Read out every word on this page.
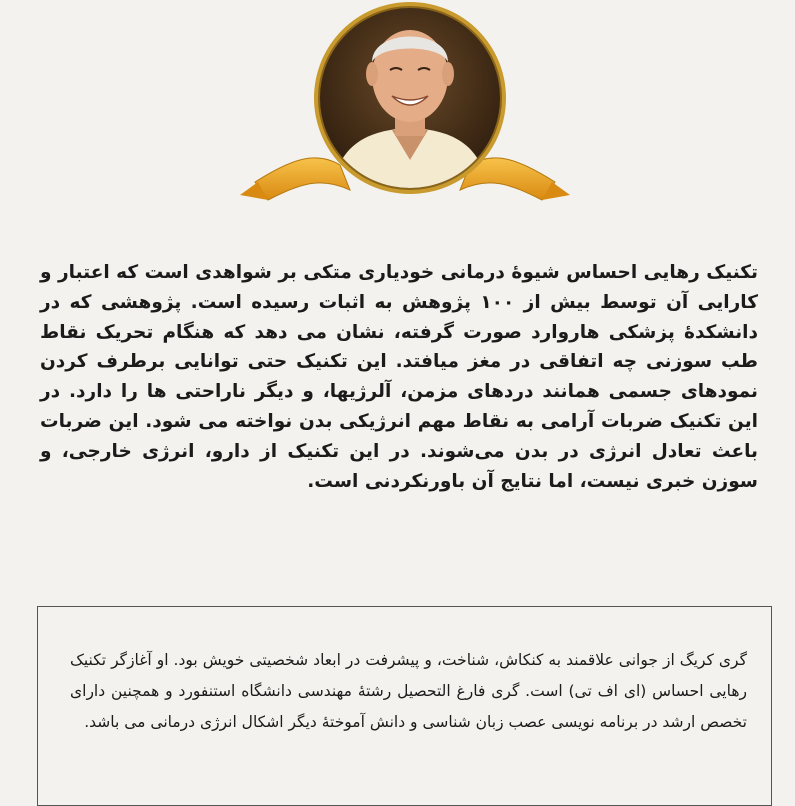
تکنیک رهایی احساس شیوهٔ درمانی خودیاری متکی بر شواهدی است که اعتبار و کارایی آن توسط بیش از ۱۰۰ پژوهش به اثبات رسیده است. پژوهشی که در دانشکدهٔ پزشکی هاروارد صورت گرفته، نشان می دهد که هنگام تحریک نقاط طب سوزنی چه اتفاقی در مغز میافتد. این تکنیک حتی توانایی برطرف کردن نمودهای جسمی همانند دردهای مزمن، آلرژیها، و دیگر ناراحتی ها را دارد. در این تکنیک ضربات آرامی به نقاط مهم انرژیکی بدن نواخته می شود. این ضربات باعث تعادل انرژی در بدن می‌شوند. در این تکنیک از دارو، انرژی خارجی، و سوزن خبری نیست، اما نتایج آن باورنکردنی است.

گری کریگ از جوانی علاقمند به کنکاش، شناخت، و پیشرفت در ابعاد شخصیتی خویش بود. او آغازگر تکنیک رهایی احساس (ای اف تی) است. گری فارغ التحصیل رشتهٔ مهندسی دانشگاه استنفورد و همچنین دارای تخصص ارشد در برنامه نویسی عصب زبان شناسی و دانش آموختهٔ دیگر اشکال انرژی درمانی می باشد.
